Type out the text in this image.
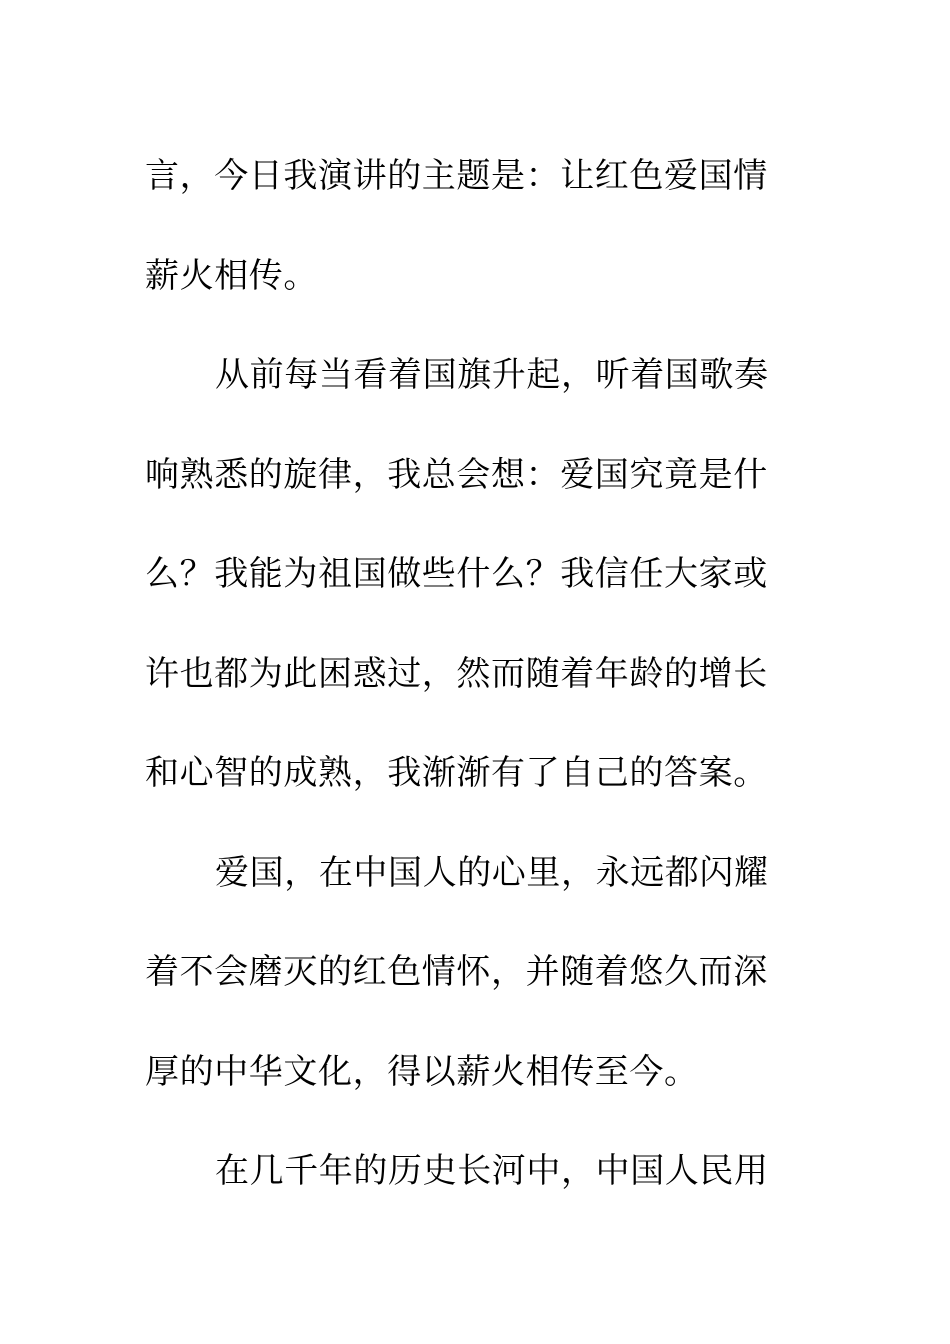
言，今日我演讲的主题是：让红色爱国情
薪火相传。
从前每当看着国旗升起，听着国歌奏
响熟悉的旋律，我总会想：爱国究竟是什
么？我能为祖国做些什么？我信任大家或
许也都为此困惑过，然而随着年龄的增长
和心智的成熟，我渐渐有了自己的答案。
爱国，在中国人的心里，永远都闪耀
着不会磨灭的红色情怀，并随着悠久而深
厚的中华文化，得以薪火相传至今。
在几千年的历史长河中，中国人民用
